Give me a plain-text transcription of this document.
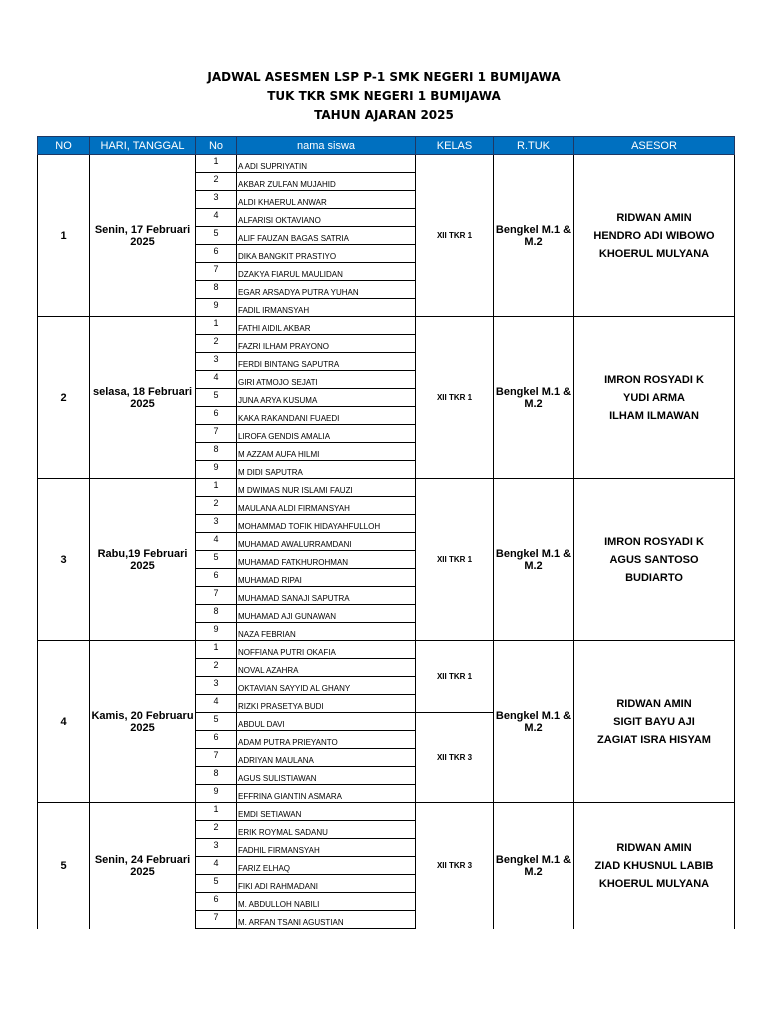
JADWAL ASESMEN LSP P-1 SMK NEGERI 1 BUMIJAWA
TUK TKR SMK NEGERI 1 BUMIJAWA
TAHUN AJARAN 2025
NO	HARI, TANGGAL	No	nama siswa	KELAS	R.TUK	ASESOR
1	Senin, 17 Februari 2025	1	A ADI SUPRIYATIN	XII TKR 1	Bengkel M.1 & M.2	RIDWAN AMIN
HENDRO ADI WIBOWO
KHOERUL MULYANA

		2	AKBAR ZULFAN MUJAHID			
		3	ALDI KHAERUL ANWAR			
		4	ALFARISI OKTAVIANO			
		5	ALIF FAUZAN BAGAS SATRIA			
		6	DIKA BANGKIT PRASTIYO			
		7	DZAKYA FIARUL MAULIDAN			
		8	EGAR ARSADYA PUTRA YUHAN			
		9	FADIL IRMANSYAH			
2	selasa, 18 Februari 2025	1	FATHI AIDIL AKBAR	XII TKR 1	Bengkel M.1 & M.2	IMRON ROSYADI K
YUDI ARMA
ILHAM ILMAWAN

		2	FAZRI ILHAM PRAYONO			
		3	FERDI BINTANG SAPUTRA			
		4	GIRI ATMOJO SEJATI			
		5	JUNA ARYA KUSUMA			
		6	KAKA RAKANDANI FUAEDI			
		7	LIROFA GENDIS AMALIA			
		8	M AZZAM AUFA HILMI			
		9	M DIDI SAPUTRA			
3	Rabu,19 Februari 2025	1	M DWIMAS NUR ISLAMI FAUZI	XII TKR 1	Bengkel M.1 & M.2	IMRON ROSYADI K
AGUS SANTOSO
BUDIARTO

		2	MAULANA ALDI FIRMANSYAH			
		3	MOHAMMAD TOFIK HIDAYAHFULLOH			
		4	MUHAMAD AWALURRAMDANI			
		5	MUHAMAD FATKHUROHMAN			
		6	MUHAMAD RIPAI			
		7	MUHAMAD SANAJI SAPUTRA			
		8	MUHAMAD AJI GUNAWAN			
		9	NAZA FEBRIAN			
4	Kamis, 20 Februaru 2025	1	NOFFIANA PUTRI OKAFIA	XII TKR 1	Bengkel M.1 & M.2	RIDWAN AMIN
SIGIT BAYU AJI
ZAGIAT ISRA HISYAM

		2	NOVAL AZAHRA			
		3	OKTAVIAN SAYYID AL GHANY			
		4	RIZKI PRASETYA BUDI			
		5	ABDUL DAVI	XII TKR 3		
		6	ADAM PUTRA PRIEYANTO			
		7	ADRIYAN MAULANA			
		8	AGUS SULISTIAWAN			
		9	EFFRINA GIANTIN ASMARA			
5	Senin, 24 Februari 2025	1	EMDI SETIAWAN	XII TKR 3	Bengkel M.1 & M.2	RIDWAN AMIN
ZIAD KHUSNUL LABIB
KHOERUL MULYANA

		2	ERIK ROYMAL SADANU			
		3	FADHIL FIRMANSYAH			
		4	FARIZ ELHAQ			
		5	FIKI ADI RAHMADANI			
		6	M. ABDULLOH NABILI			
		7	M. ARFAN TSANI AGUSTIAN			
